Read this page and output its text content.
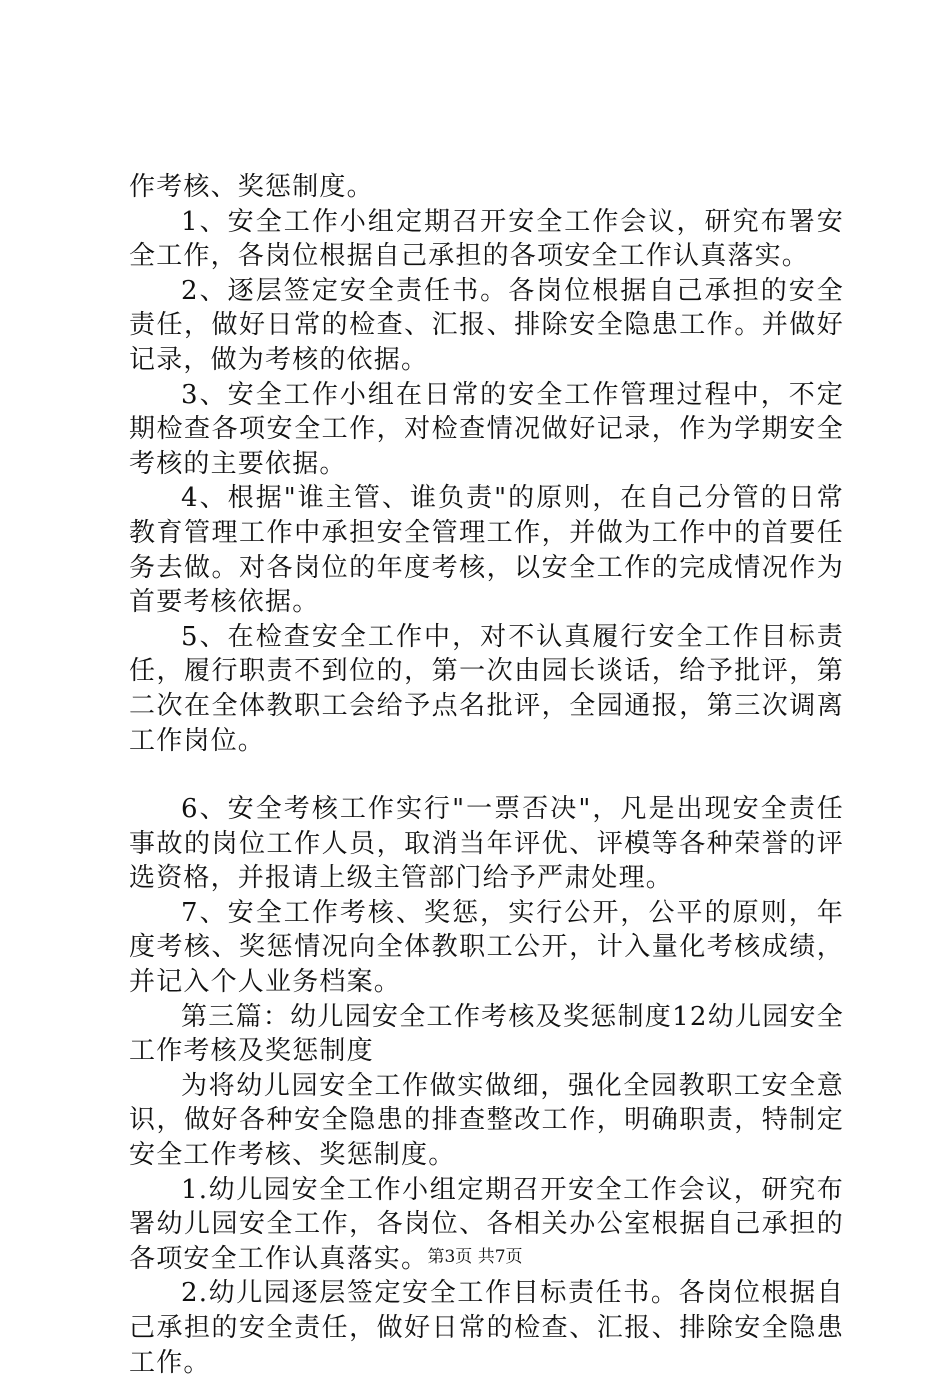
作考核、奖惩制度。

1、安全工作小组定期召开安全工作会议，研究布署安全工作，各岗位根据自己承担的各项安全工作认真落实。

2、逐层签定安全责任书。各岗位根据自己承担的安全责任，做好日常的检查、汇报、排除安全隐患工作。并做好记录，做为考核的依据。

3、安全工作小组在日常的安全工作管理过程中，不定期检查各项安全工作，对检查情况做好记录，作为学期安全考核的主要依据。

4、根据"谁主管、谁负责"的原则，在自己分管的日常教育管理工作中承担安全管理工作，并做为工作中的首要任务去做。对各岗位的年度考核，以安全工作的完成情况作为首要考核依据。

5、在检查安全工作中，对不认真履行安全工作目标责任，履行职责不到位的，第一次由园长谈话，给予批评，第二次在全体教职工会给予点名批评，全园通报，第三次调离工作岗位。

6、安全考核工作实行"一票否决"，凡是出现安全责任事故的岗位工作人员，取消当年评优、评模等各种荣誉的评选资格，并报请上级主管部门给予严肃处理。

7、安全工作考核、奖惩，实行公开，公平的原则，年度考核、奖惩情况向全体教职工公开，计入量化考核成绩，并记入个人业务档案。

第三篇：幼儿园安全工作考核及奖惩制度12幼儿园安全工作考核及奖惩制度

为将幼儿园安全工作做实做细，强化全园教职工安全意识，做好各种安全隐患的排查整改工作，明确职责，特制定安全工作考核、奖惩制度。

1.幼儿园安全工作小组定期召开安全工作会议，研究布署幼儿园安全工作，各岗位、各相关办公室根据自己承担的各项安全工作认真落实。

2.幼儿园逐层签定安全工作目标责任书。各岗位根据自己承担的安全责任，做好日常的检查、汇报、排除安全隐患工作。

第3页 共7页
